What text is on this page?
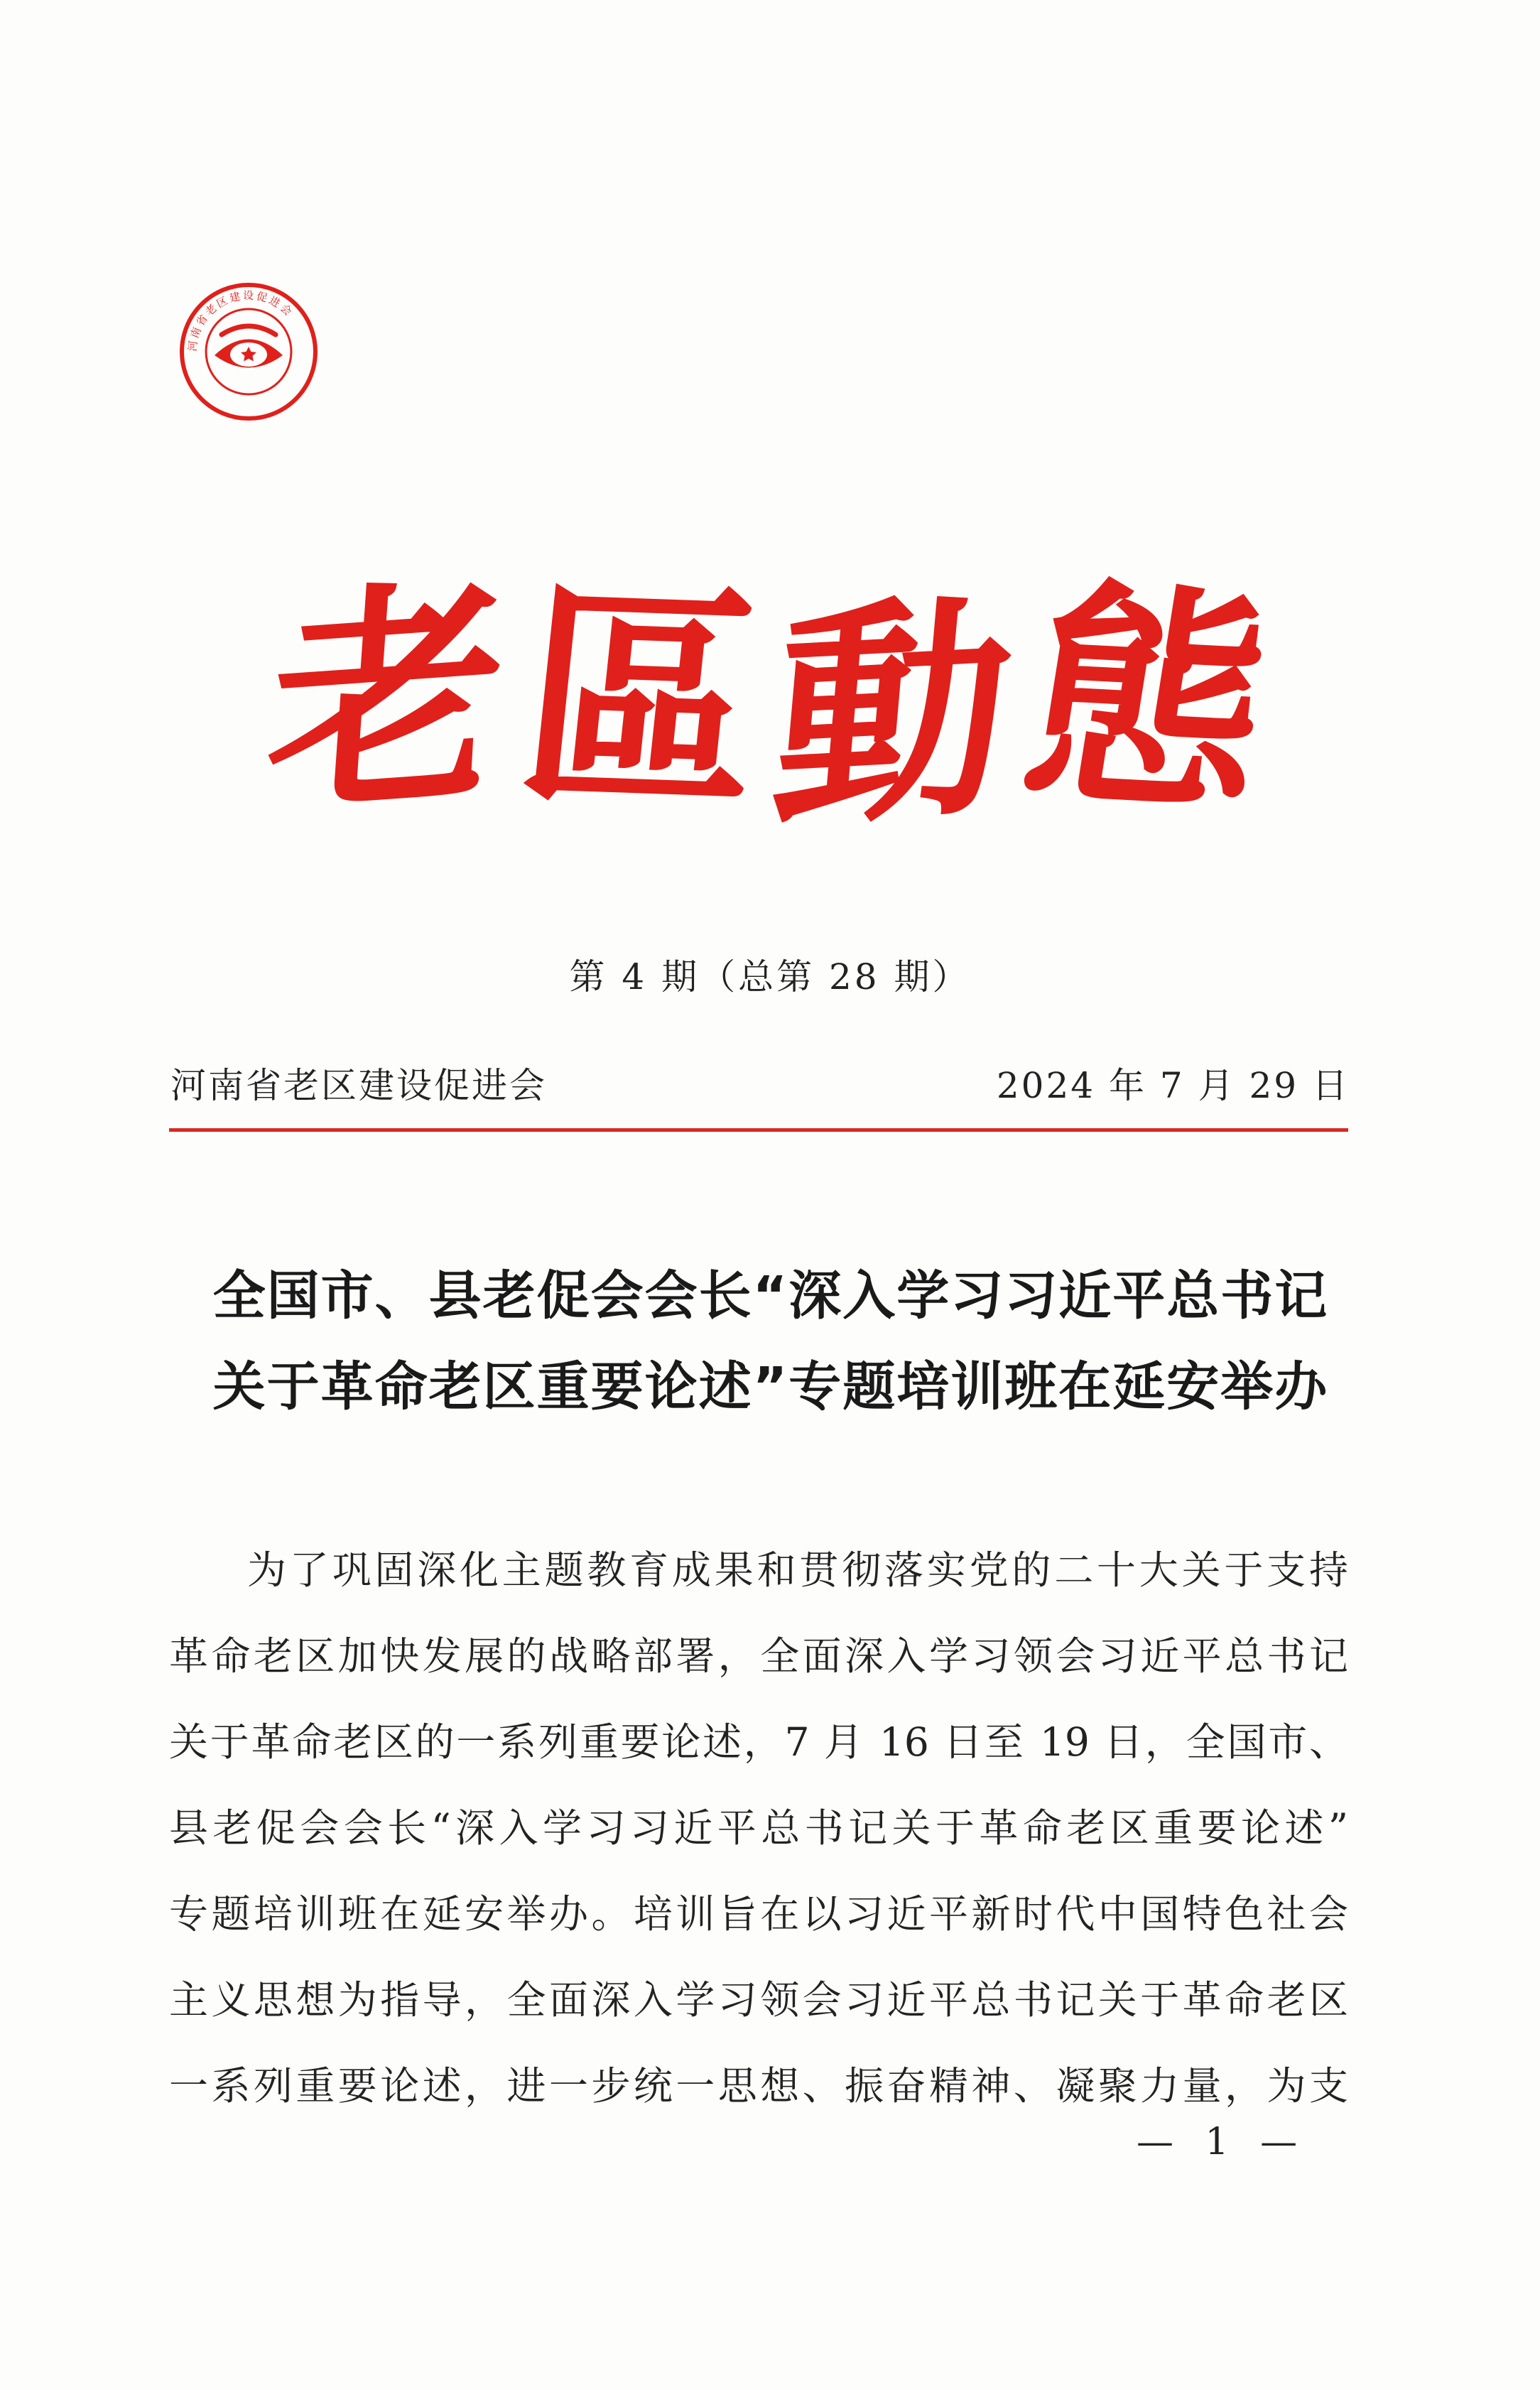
河南省老区建设促进会
老
區
動
態
第 4 期（总第 28 期）
河南省老区建设促进会	2024 年 7 月 29 日
全国市、县老促会会长“深入学习习近平总书记
关于革命老区重要论述”专题培训班在延安举办
为了巩固深化主题教育成果和贯彻落实党的二十大关于支持
革命老区加快发展的战略部署，全面深入学习领会习近平总书记
关于革命老区的一系列重要论述，7 月 16 日至 19 日，全国市、
县老促会会长“深入学习习近平总书记关于革命老区重要论述”
专题培训班在延安举办。培训旨在以习近平新时代中国特色社会
主义思想为指导，全面深入学习领会习近平总书记关于革命老区
一系列重要论述，进一步统一思想、振奋精神、凝聚力量，为支
— 1 —
